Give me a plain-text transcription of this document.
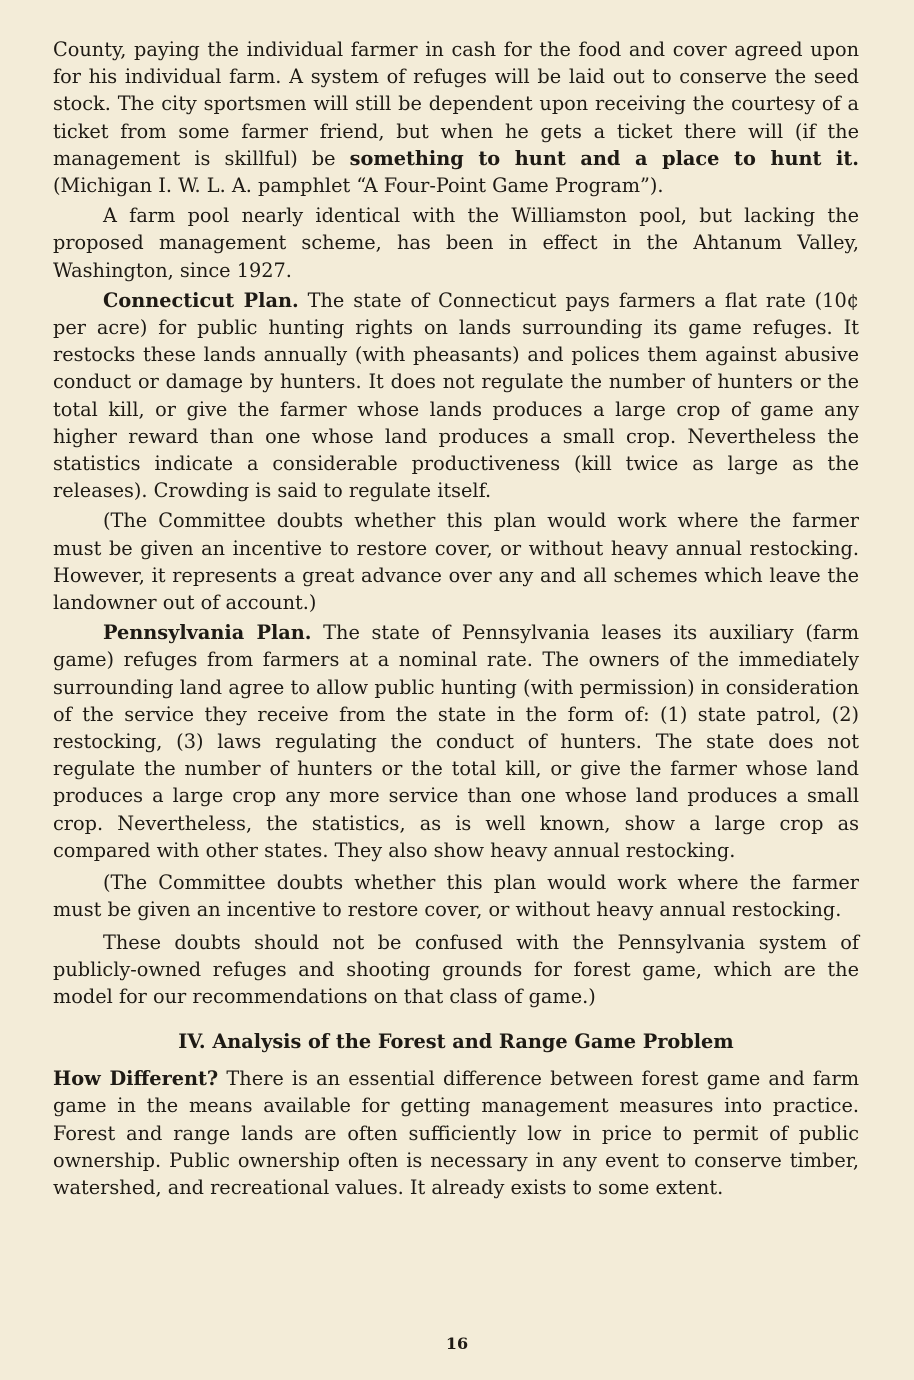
County, paying the individual farmer in cash for the food and cover agreed upon for his individual farm. A system of refuges will be laid out to conserve the seed stock. The city sportsmen will still be dependent upon receiving the courtesy of a ticket from some farmer friend, but when he gets a ticket there will (if the management is skillful) be something to hunt and a place to hunt it. (Michigan I. W. L. A. pamphlet “A Four-Point Game Program”).

A farm pool nearly identical with the Williamston pool, but lacking the proposed management scheme, has been in effect in the Ahtanum Valley, Washington, since 1927.

Connecticut Plan. The state of Connecticut pays farmers a flat rate (10¢ per acre) for public hunting rights on lands surrounding its game refuges. It restocks these lands annually (with pheasants) and polices them against abusive conduct or damage by hunters. It does not regulate the number of hunters or the total kill, or give the farmer whose lands produces a large crop of game any higher reward than one whose land produces a small crop. Nevertheless the statistics indicate a considerable productiveness (kill twice as large as the releases). Crowding is said to regulate itself.

(The Committee doubts whether this plan would work where the farmer must be given an incentive to restore cover, or without heavy annual restocking. However, it represents a great advance over any and all schemes which leave the landowner out of account.)

Pennsylvania Plan. The state of Pennsylvania leases its auxiliary (farm game) refuges from farmers at a nominal rate. The owners of the immediately surrounding land agree to allow public hunting (with permission) in consideration of the service they receive from the state in the form of: (1) state patrol, (2) restocking, (3) laws regulating the conduct of hunters. The state does not regulate the number of hunters or the total kill, or give the farmer whose land produces a large crop any more service than one whose land produces a small crop. Nevertheless, the statistics, as is well known, show a large crop as compared with other states. They also show heavy annual restocking.

(The Committee doubts whether this plan would work where the farmer must be given an incentive to restore cover, or without heavy annual restocking.

These doubts should not be confused with the Pennsylvania system of publicly-owned refuges and shooting grounds for forest game, which are the model for our recommendations on that class of game.)

IV. Analysis of the Forest and Range Game Problem

How Different? There is an essential difference between forest game and farm game in the means available for getting management measures into practice. Forest and range lands are often sufficiently low in price to permit of public ownership. Public ownership often is necessary in any event to conserve timber, watershed, and recreational values. It already exists to some extent.

16
